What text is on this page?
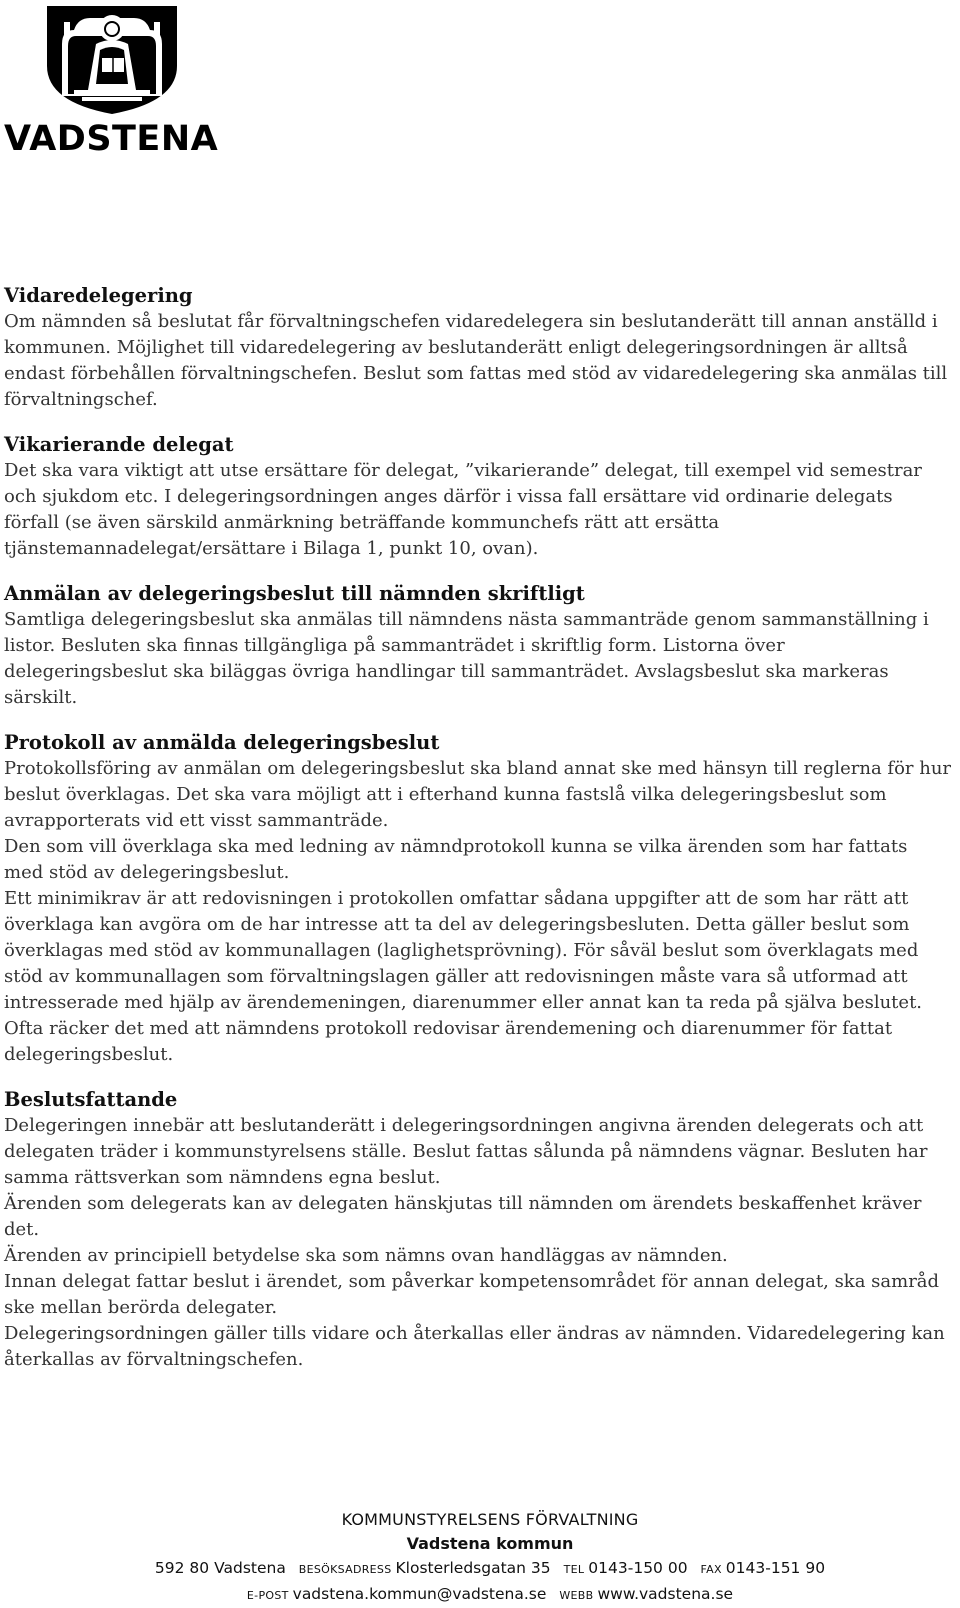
VADSTENA
Vidaredelegering

Om nämnden så beslutat får förvaltningschefen vidaredelegera sin beslutanderätt till annan anställd i kommunen. Möjlighet till vidaredelegering av beslutanderätt enligt delegeringsordningen är alltså endast förbehållen förvaltningschefen. Beslut som fattas med stöd av vidaredelegering ska anmälas till förvaltningschef.

Vikarierande delegat

Det ska vara viktigt att utse ersättare för delegat, ”vikarierande” delegat, till exempel vid semestrar och sjukdom etc. I delegeringsordningen anges därför i vissa fall ersättare vid ordinarie delegats förfall (se även särskild anmärkning beträffande kommunchefs rätt att ersätta tjänstemannadelegat/ersättare i Bilaga 1, punkt 10, ovan).

Anmälan av delegeringsbeslut till nämnden skriftligt

Samtliga delegeringsbeslut ska anmälas till nämndens nästa sammanträde genom sammanställning i listor. Besluten ska finnas tillgängliga på sammanträdet i skriftlig form. Listorna över delegeringsbeslut ska biläggas övriga handlingar till sammanträdet. Avslagsbeslut ska markeras särskilt.

Protokoll av anmälda delegeringsbeslut

Protokollsföring av anmälan om delegeringsbeslut ska bland annat ske med hänsyn till reglerna för hur beslut överklagas. Det ska vara möjligt att i efterhand kunna fastslå vilka delegeringsbeslut som avrapporterats vid ett visst sammanträde.

Den som vill överklaga ska med ledning av nämndprotokoll kunna se vilka ärenden som har fattats med stöd av delegeringsbeslut.

Ett minimikrav är att redovisningen i protokollen omfattar sådana uppgifter att de som har rätt att överklaga kan avgöra om de har intresse att ta del av delegeringsbesluten. Detta gäller beslut som överklagas med stöd av kommunallagen (laglighetsprövning). För såväl beslut som överklagats med stöd av kommunallagen som förvaltningslagen gäller att redovisningen måste vara så utformad att intresserade med hjälp av ärendemeningen, diarenummer eller annat kan ta reda på själva beslutet. Ofta räcker det med att nämndens protokoll redovisar ärendemening och diarenummer för fattat delegeringsbeslut.

Beslutsfattande

Delegeringen innebär att beslutanderätt i delegeringsordningen angivna ärenden delegerats och att delegaten träder i kommunstyrelsens ställe. Beslut fattas sålunda på nämndens vägnar. Besluten har samma rättsverkan som nämndens egna beslut.

Ärenden som delegerats kan av delegaten hänskjutas till nämnden om ärendets beskaffenhet kräver det.

Ärenden av principiell betydelse ska som nämns ovan handläggas av nämnden.

Innan delegat fattar beslut i ärendet, som påverkar kompetensområdet för annan delegat, ska samråd ske mellan berörda delegater.

Delegeringsordningen gäller tills vidare och återkallas eller ändras av nämnden. Vidaredelegering kan återkallas av förvaltningschefen.

KOMMUNSTYRELSENS FÖRVALTNING
Vadstena kommun
592 80 Vadstena BESÖKSADRESS Klosterledsgatan 35 TEL 0143-150 00 FAX 0143-151 90
E-POST vadstena.kommun@vadstena.se WEBB www.vadstena.se
